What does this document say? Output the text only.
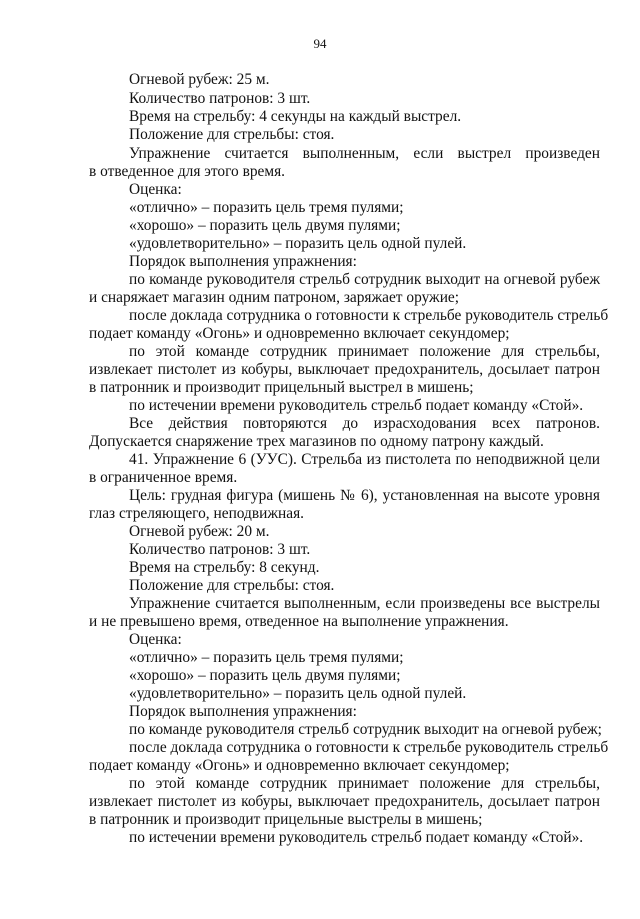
94
Огневой рубеж: 25 м.
Количество патронов: 3 шт.
Время на стрельбу: 4 секунды на каждый выстрел.
Положение для стрельбы: стоя.
Упражнение считается выполненным, если выстрел произведен
в отведенное для этого время.
Оценка:
«отлично» – поразить цель тремя пулями;
«хорошо» – поразить цель двумя пулями;
«удовлетворительно» – поразить цель одной пулей.
Порядок выполнения упражнения:
по команде руководителя стрельб сотрудник выходит на огневой рубеж
и снаряжает магазин одним патроном, заряжает оружие;
после доклада сотрудника о готовности к стрельбе руководитель стрельб
подает команду «Огонь» и одновременно включает секундомер;
по этой команде сотрудник принимает положение для стрельбы,
извлекает пистолет из кобуры, выключает предохранитель, досылает патрон
в патронник и производит прицельный выстрел в мишень;
по истечении времени руководитель стрельб подает команду «Стой».
Все действия повторяются до израсходования всех патронов.
Допускается снаряжение трех магазинов по одному патрону каждый.
41. Упражнение 6 (УУС). Стрельба из пистолета по неподвижной цели
в ограниченное время.
Цель: грудная фигура (мишень № 6), установленная на высоте уровня
глаз стреляющего, неподвижная.
Огневой рубеж: 20 м.
Количество патронов: 3 шт.
Время на стрельбу: 8 секунд.
Положение для стрельбы: стоя.
Упражнение считается выполненным, если произведены все выстрелы
и не превышено время, отведенное на выполнение упражнения.
Оценка:
«отлично» – поразить цель тремя пулями;
«хорошо» – поразить цель двумя пулями;
«удовлетворительно» – поразить цель одной пулей.
Порядок выполнения упражнения:
по команде руководителя стрельб сотрудник выходит на огневой рубеж;
после доклада сотрудника о готовности к стрельбе руководитель стрельб
подает команду «Огонь» и одновременно включает секундомер;
по этой команде сотрудник принимает положение для стрельбы,
извлекает пистолет из кобуры, выключает предохранитель, досылает патрон
в патронник и производит прицельные выстрелы в мишень;
по истечении времени руководитель стрельб подает команду «Стой».
